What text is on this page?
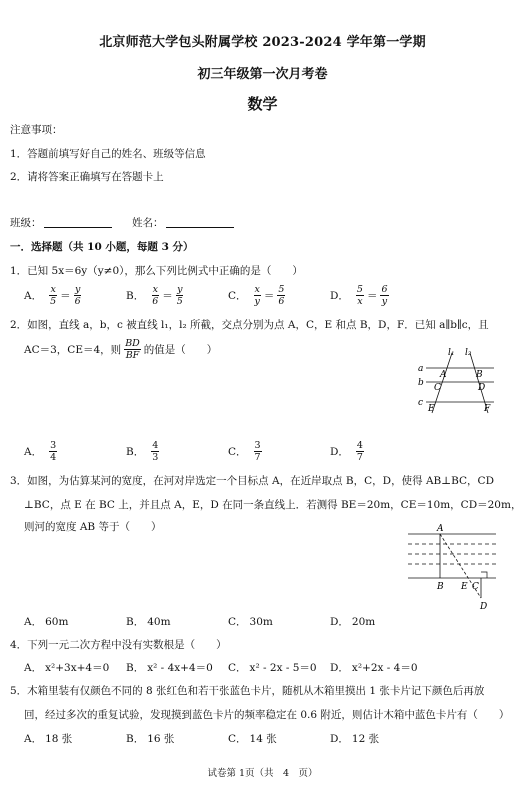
北京师范大学包头附属学校 2023-2024 学年第一学期
初三年级第一次月考卷
数学
注意事项：
1．答题前填写好自己的姓名、班级等信息
2．请将答案正确填写在答题卡上
班级：	姓名：
一．选择题（共 10 小题，每题 3 分）
1．已知 5x＝6y（y≠0），那么下列比例式中正确的是（　　）
A． $\frac{x}{5} = \frac{y}{6}$	B． $\frac{x}{6} = \frac{y}{5}$	C． $\frac{x}{y} = \frac{5}{6}$	D． $\frac{5}{x} = \frac{6}{y}$
2．如图，直线 a，b，c 被直线 l₁，l₂ 所截，交点分别为点 A，C，E 和点 B，D，F．已知 a∥b∥c，且
AC＝3，CE＝4，则 $\frac{BD}{BF}$ 的值是（　　）	l₁ l₂
a
b
c
A	B
C	D
E	F
A． $\frac{3}{4}$	B． $\frac{4}{3}$	C． $\frac{3}{7}$	D． $\frac{4}{7}$
3．如图，为估算某河的宽度，在河对岸选定一个目标点 A，在近岸取点 B，C，D，使得 AB⊥BC，CD
⊥BC，点 E 在 BC 上，并且点 A，E，D 在同一条直线上．若测得 BE＝20m，CE＝10m，CD＝20m，
则河的宽度 AB 等于（　　）	A
B E C
D
A． 60m	B． 40m	C． 30m	D． 20m
4．下列一元二次方程中没有实数根是（　　）
A． x²+3x+4＝0 B． x² - 4x+4＝0 C． x² - 2x - 5＝0 D． x²+2x - 4＝0
5．木箱里装有仅颜色不同的 8 张红色和若干张蓝色卡片，随机从木箱里摸出 1 张卡片记下颜色后再放
回，经过多次的重复试验，发现摸到蓝色卡片的频率稳定在 0.6 附近，则估计木箱中蓝色卡片有（　　）
A． 18 张	B． 16 张	C． 14 张	D． 12 张
试卷第 1页（共　4　页）
